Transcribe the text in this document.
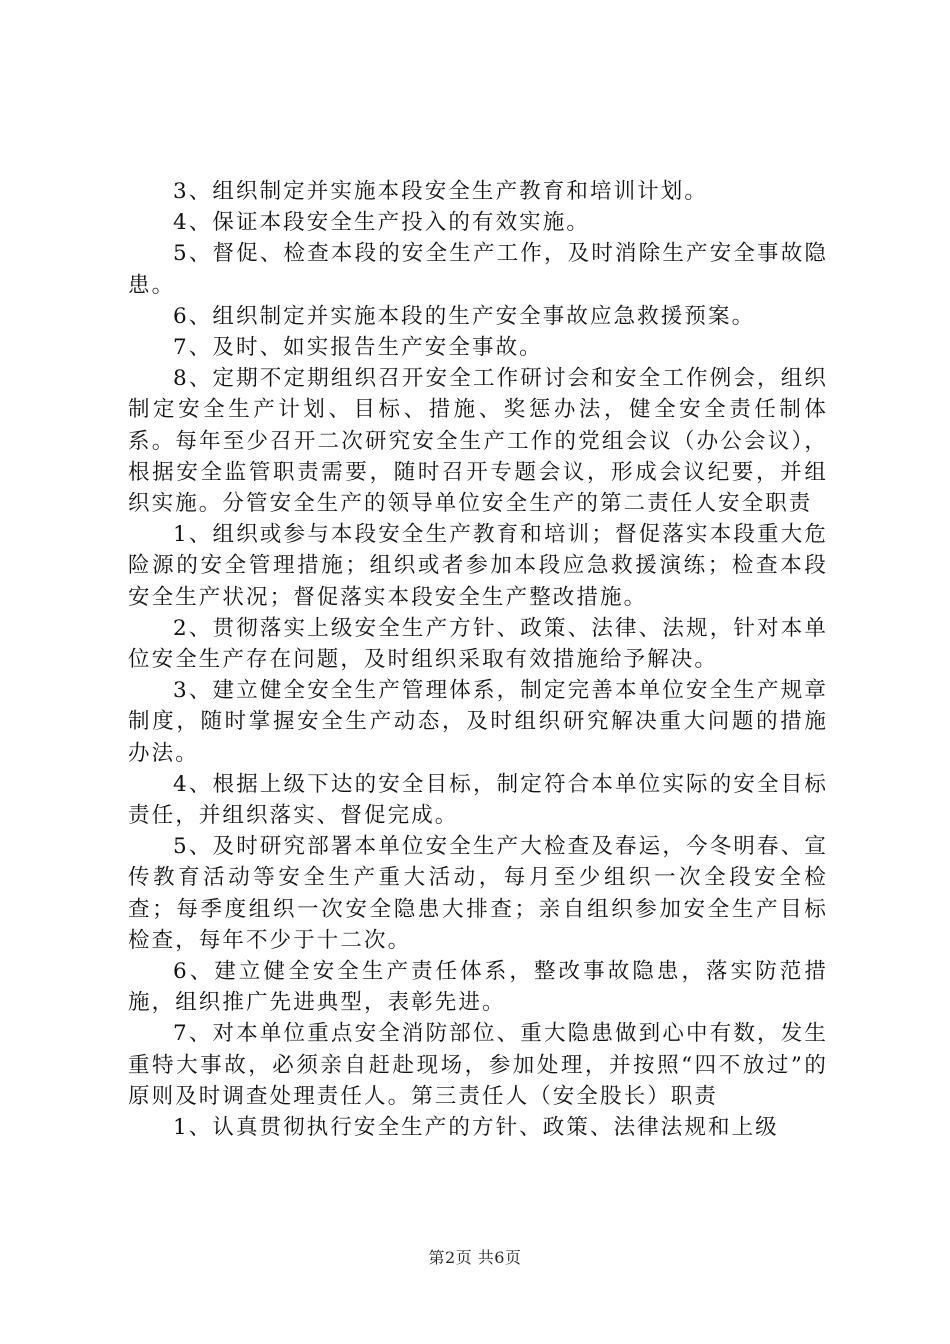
3、组织制定并实施本段安全生产教育和培训计划。

4、保证本段安全生产投入的有效实施。

5、督促、检查本段的安全生产工作，及时消除生产安全事故隐患。

6、组织制定并实施本段的生产安全事故应急救援预案。

7、及时、如实报告生产安全事故。

8、定期不定期组织召开安全工作研讨会和安全工作例会，组织制定安全生产计划、目标、措施、奖惩办法，健全安全责任制体系。每年至少召开二次研究安全生产工作的党组会议（办公会议），根据安全监管职责需要，随时召开专题会议，形成会议纪要，并组织实施。分管安全生产的领导单位安全生产的第二责任人安全职责

1、组织或参与本段安全生产教育和培训；督促落实本段重大危险源的安全管理措施；组织或者参加本段应急救援演练；检查本段安全生产状况；督促落实本段安全生产整改措施。

2、贯彻落实上级安全生产方针、政策、法律、法规，针对本单位安全生产存在问题，及时组织采取有效措施给予解决。

3、建立健全安全生产管理体系，制定完善本单位安全生产规章制度，随时掌握安全生产动态，及时组织研究解决重大问题的措施办法。

4、根据上级下达的安全目标，制定符合本单位实际的安全目标责任，并组织落实、督促完成。

5、及时研究部署本单位安全生产大检查及春运，今冬明春、宣传教育活动等安全生产重大活动，每月至少组织一次全段安全检查；每季度组织一次安全隐患大排查；亲自组织参加安全生产目标检查，每年不少于十二次。

6、建立健全安全生产责任体系，整改事故隐患，落实防范措施，组织推广先进典型，表彰先进。

7、对本单位重点安全消防部位、重大隐患做到心中有数，发生重特大事故，必须亲自赶赴现场，参加处理，并按照“四不放过”的原则及时调查处理责任人。第三责任人（安全股长）职责

1、认真贯彻执行安全生产的方针、政策、法律法规和上级

第2页 共6页
